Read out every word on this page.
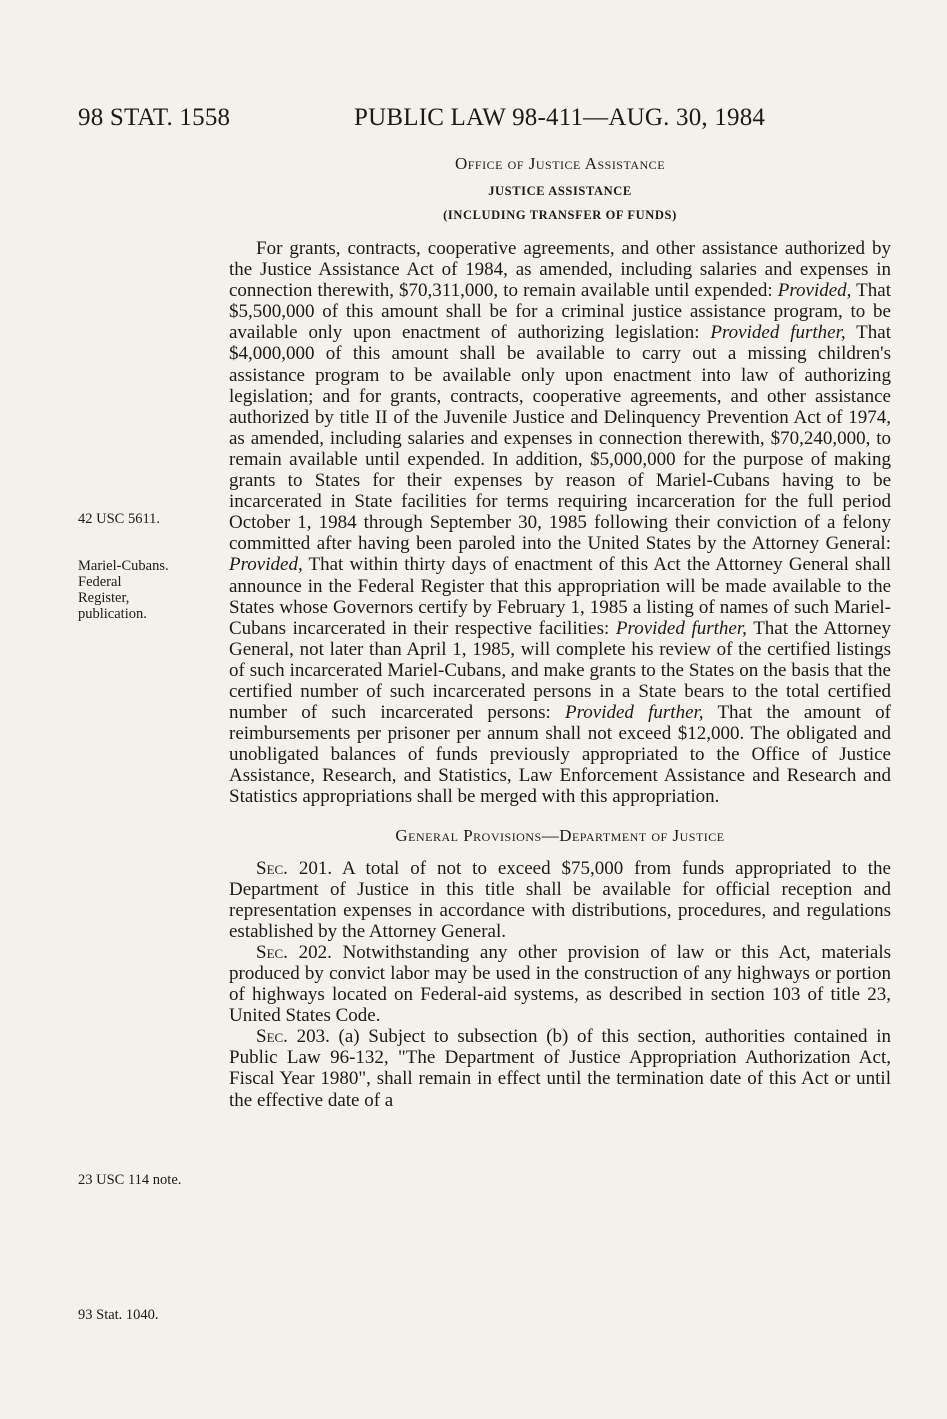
98 STAT. 1558	PUBLIC LAW 98-411—AUG. 30, 1984
Office of Justice Assistance
JUSTICE ASSISTANCE
(INCLUDING TRANSFER OF FUNDS)

For grants, contracts, cooperative agreements, and other assistance authorized by the Justice Assistance Act of 1984, as amended, including salaries and expenses in connection therewith, $70,311,000, to remain available until expended: Provided, That $5,500,000 of this amount shall be for a criminal justice assistance program, to be available only upon enactment of authorizing legislation: Provided further, That $4,000,000 of this amount shall be available to carry out a missing children's assistance program to be available only upon enactment into law of authorizing legislation; and for grants, contracts, cooperative agreements, and other assistance authorized by title II of the Juvenile Justice and Delinquency Prevention Act of 1974, as amended, including salaries and expenses in connection therewith, $70,240,000, to remain available until expended. In addition, $5,000,000 for the purpose of making grants to States for their expenses by reason of Mariel-Cubans having to be incarcerated in State facilities for terms requiring incarceration for the full period October 1, 1984 through September 30, 1985 following their conviction of a felony committed after having been paroled into the United States by the Attorney General: Provided, That within thirty days of enactment of this Act the Attorney General shall announce in the Federal Register that this appropriation will be made available to the States whose Governors certify by February 1, 1985 a listing of names of such Mariel-Cubans incarcerated in their respective facilities: Provided further, That the Attorney General, not later than April 1, 1985, will complete his review of the certified listings of such incarcerated Mariel-Cubans, and make grants to the States on the basis that the certified number of such incarcerated persons in a State bears to the total certified number of such incarcerated persons: Provided further, That the amount of reimbursements per prisoner per annum shall not exceed $12,000. The obligated and unobligated balances of funds previously appropriated to the Office of Justice Assistance, Research, and Statistics, Law Enforcement Assistance and Research and Statistics appropriations shall be merged with this appropriation.

General Provisions—Department of Justice

Sec. 201. A total of not to exceed $75,000 from funds appropriated to the Department of Justice in this title shall be available for official reception and representation expenses in accordance with distributions, procedures, and regulations established by the Attorney General.

Sec. 202. Notwithstanding any other provision of law or this Act, materials produced by convict labor may be used in the construction of any highways or portion of highways located on Federal-aid systems, as described in section 103 of title 23, United States Code.

Sec. 203. (a) Subject to subsection (b) of this section, authorities contained in Public Law 96-132, "The Department of Justice Appropriation Authorization Act, Fiscal Year 1980", shall remain in effect until the termination date of this Act or until the effective date of a

42 USC 5611.
Mariel-Cubans.
Federal
Register,
publication.
23 USC 114 note.
93 Stat. 1040.
